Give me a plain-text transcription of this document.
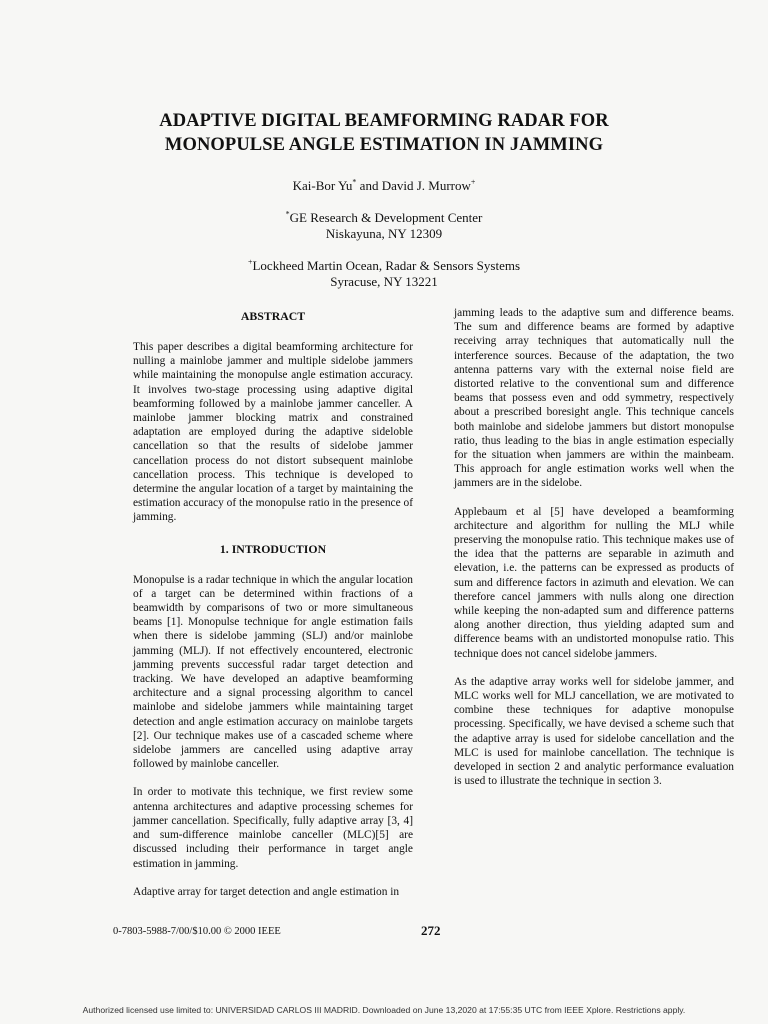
ADAPTIVE DIGITAL BEAMFORMING RADAR FOR
MONOPULSE ANGLE ESTIMATION IN JAMMING
Kai-Bor Yu* and David J. Murrow+
*GE Research & Development Center
Niskayuna, NY 12309
+Lockheed Martin Ocean, Radar & Sensors Systems
Syracuse, NY 13221
ABSTRACT

This paper describes a digital beamforming architecture for nulling a mainlobe jammer and multiple sidelobe jammers while maintaining the monopulse angle estimation accuracy. It involves two-stage processing using adaptive digital beamforming followed by a mainlobe jammer canceller. A mainlobe jammer blocking matrix and constrained adaptation are employed during the adaptive sideloble cancellation so that the results of sidelobe jammer cancellation process do not distort subsequent mainlobe cancellation process. This technique is developed to determine the angular location of a target by maintaining the estimation accuracy of the monopulse ratio in the presence of jamming.

1. INTRODUCTION

Monopulse is a radar technique in which the angular location of a target can be determined within fractions of a beamwidth by comparisons of two or more simultaneous beams [1]. Monopulse technique for angle estimation fails when there is sidelobe jamming (SLJ) and/or mainlobe jamming (MLJ). If not effectively encountered, electronic jamming prevents successful radar target detection and tracking. We have developed an adaptive beamforming architecture and a signal processing algorithm to cancel mainlobe and sidelobe jammers while maintaining target detection and angle estimation accuracy on mainlobe targets [2]. Our technique makes use of a cascaded scheme where sidelobe jammers are cancelled using adaptive array followed by mainlobe canceller.

In order to motivate this technique, we first review some antenna architectures and adaptive processing schemes for jammer cancellation. Specifically, fully adaptive array [3, 4] and sum-difference mainlobe canceller (MLC)[5] are discussed including their performance in target angle estimation in jamming.

Adaptive array for target detection and angle estimation in

jamming leads to the adaptive sum and difference beams. The sum and difference beams are formed by adaptive receiving array techniques that automatically null the interference sources. Because of the adaptation, the two antenna patterns vary with the external noise field are distorted relative to the conventional sum and difference beams that possess even and odd symmetry, respectively about a prescribed boresight angle. This technique cancels both mainlobe and sidelobe jammers but distort monopulse ratio, thus leading to the bias in angle estimation especially for the situation when jammers are within the mainbeam. This approach for angle estimation works well when the jammers are in the sidelobe.

Applebaum et al [5] have developed a beamforming architecture and algorithm for nulling the MLJ while preserving the monopulse ratio. This technique makes use of the idea that the patterns are separable in azimuth and elevation, i.e. the patterns can be expressed as products of sum and difference factors in azimuth and elevation. We can therefore cancel jammers with nulls along one direction while keeping the non-adapted sum and difference patterns along another direction, thus yielding adapted sum and difference beams with an undistorted monopulse ratio. This technique does not cancel sidelobe jammers.

As the adaptive array works well for sidelobe jammer, and MLC works well for MLJ cancellation, we are motivated to combine these techniques for adaptive monopulse processing. Specifically, we have devised a scheme such that the adaptive array is used for sidelobe cancellation and the MLC is used for mainlobe cancellation. The technique is developed in section 2 and analytic performance evaluation is used to illustrate the technique in section 3.

0-7803-5988-7/00/$10.00 © 2000 IEEE	272
Authorized licensed use limited to: UNIVERSIDAD CARLOS III MADRID. Downloaded on June 13,2020 at 17:55:35 UTC from IEEE Xplore. Restrictions apply.
